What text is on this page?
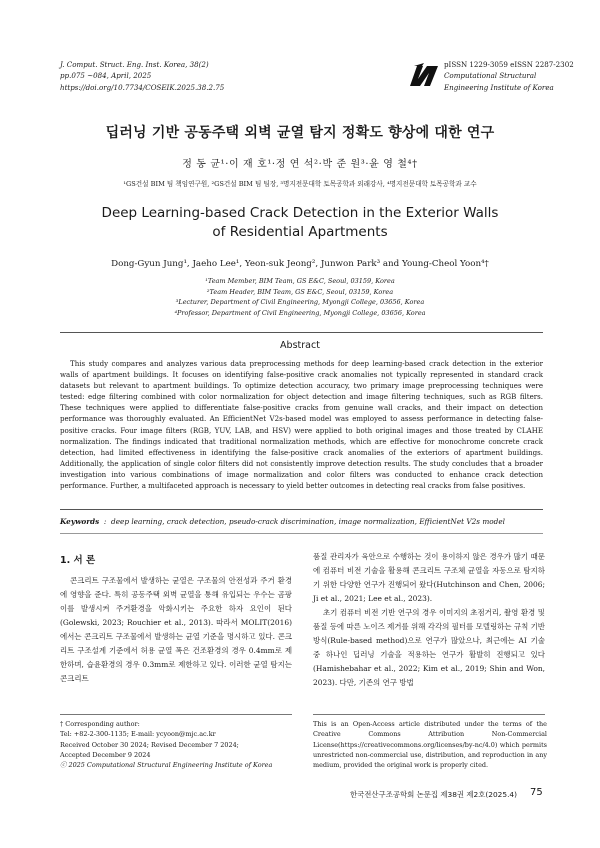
J. Comput. Struct. Eng. Inst. Korea, 38(2)
pp.075 ~084, April, 2025
https://doi.org/10.7734/COSEIK.2025.38.2.75
pISSN 1229-3059 eISSN 2287-2302
Computational Structural
Engineering Institute of Korea
딥러닝 기반 공동주택 외벽 균열 탐지 정확도 향상에 대한 연구
정 동 균¹·이 재 호¹·정 연 석²·박 준 원³·윤 영 철⁴†
¹GS건설 BIM 팀 책임연구원, ²GS건설 BIM 팀 팀장, ³명지전문대학 토목공학과 외래강사, ⁴명지전문대학 토목공학과 교수
Deep Learning-based Crack Detection in the Exterior Walls
of Residential Apartments
Dong-Gyun Jung¹, Jaeho Lee¹, Yeon-suk Jeong², Junwon Park³ and Young-Cheol Yoon⁴†
¹Team Member, BIM Team, GS E&C, Seoul, 03159, Korea
²Team Header, BIM Team, GS E&C, Seoul, 03159, Korea
³Lecturer, Department of Civil Engineering, Myongji College, 03656, Korea
⁴Professor, Department of Civil Engineering, Myongji College, 03656, Korea
Abstract
This study compares and analyzes various data preprocessing methods for deep learning-based crack detection in the exterior walls of apartment buildings. It focuses on identifying false-positive crack anomalies not typically represented in standard crack datasets but relevant to apartment buildings. To optimize detection accuracy, two primary image preprocessing techniques were tested: edge filtering combined with color normalization for object detection and image filtering techniques, such as RGB filters. These techniques were applied to differentiate false-positive cracks from genuine wall cracks, and their impact on detection performance was thoroughly evaluated. An EfficientNet V2s-based model was employed to assess performance in detecting false-positive cracks. Four image filters (RGB, YUV, LAB, and HSV) were applied to both original images and those treated by CLAHE normalization. The findings indicated that traditional normalization methods, which are effective for monochrome concrete crack detection, had limited effectiveness in identifying the false-positive crack anomalies of the exteriors of apartment buildings. Additionally, the application of single color filters did not consistently improve detection results. The study concludes that a broader investigation into various combinations of image normalization and color filters was conducted to enhance crack detection performance. Further, a multifaceted approach is necessary to yield better outcomes in detecting real cracks from false positives.
Keywords  :  deep learning, crack detection, pseudo-crack discrimination, image normalization, EfficientNet V2s model
1. 서 론
콘크리트 구조물에서 발생하는 균열은 구조물의 안전성과 주거 환경에 영향을 준다. 특히 공동주택 외벽 균열을 통해 유입되는 우수는 곰팡이를 발생시켜 주거환경을 악화시키는 주요한 하자 요인이 된다(Golewski, 2023; Rouchier et al., 2013). 따라서 MOLIT(2016)에서는 콘크리트 구조물에서 발생하는 균열 기준을 명시하고 있다. 콘크리트 구조설계 기준에서 허용 균열 폭은 건조환경의 경우 0.4mm로 제한하며, 습윤환경의 경우 0.3mm로 제한하고 있다. 이러한 균열 탐지는 콘크리트

품질 관리자가 육안으로 수행하는 것이 용이하지 않은 경우가 많기 때문에 컴퓨터 비전 기술을 활용해 콘크리트 구조체 균열을 자동으로 탐지하기 위한 다양한 연구가 진행되어 왔다(Hutchinson and Chen, 2006; Ji et al., 2021; Lee et al., 2023).

초기 컴퓨터 비전 기반 연구의 경우 이미지의 초점거리, 촬영 환경 및 품질 등에 따른 노이즈 제거를 위해 각각의 필터를 모델링하는 규칙 기반 방식(Rule-based method)으로 연구가 많았으나, 최근에는 AI 기술 중 하나인 딥러닝 기술을 적용하는 연구가 활발히 진행되고 있다(Hamishebahar et al., 2022; Kim et al., 2019; Shin and Won, 2023). 다만, 기존의 연구 방법

† Corresponding author:
Tel: +82-2-300-1135; E-mail: ycyoon@mjc.ac.kr
Received October 30 2024; Revised December 7 2024;
Accepted December 9 2024
ⓒ 2025 Computational Structural Engineering Institute of Korea
This is an Open-Access article distributed under the terms of the Creative Commons Attribution Non-Commercial License(https://creativecommons.org/licenses/by-nc/4.0) which permits unrestricted non-commercial use, distribution, and reproduction in any medium, provided the original work is properly cited.
한국전산구조공학회 논문집 제38권 제2호(2025.4) 75
